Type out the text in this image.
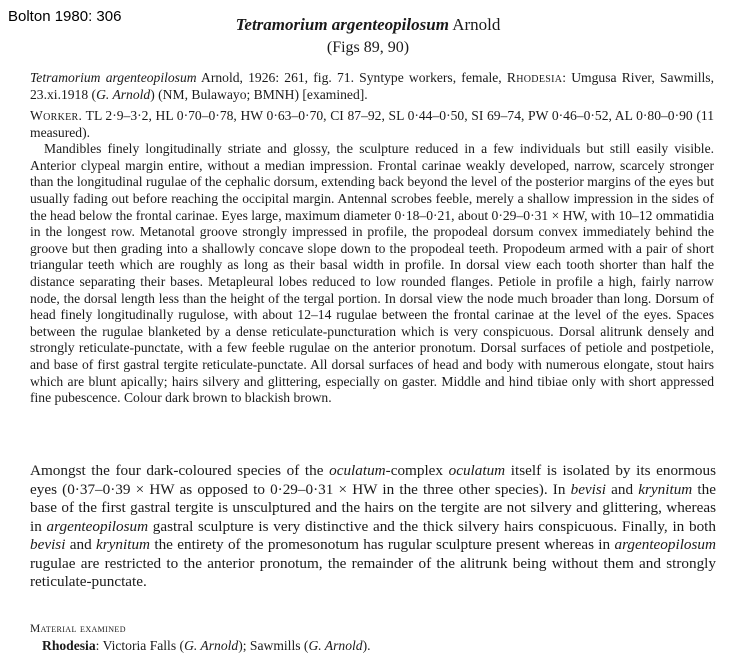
Bolton 1980: 306	Tetramorium argenteopilosum Arnold
(Figs 89, 90)

Tetramorium argenteopilosum Arnold, 1926: 261, fig. 71. Syntype workers, female, Rhodesia: Umgusa River, Sawmills, 23.xi.1918 (G. Arnold) (NM, Bulawayo; BMNH) [examined].

Worker. TL 2·9–3·2, HL 0·70–0·78, HW 0·63–0·70, CI 87–92, SL 0·44–0·50, SI 69–74, PW 0·46–0·52, AL 0·80–0·90 (11 measured).
Mandibles finely longitudinally striate and glossy, the sculpture reduced in a few individuals but still easily visible. Anterior clypeal margin entire, without a median impression. Frontal carinae weakly developed, narrow, scarcely stronger than the longitudinal rugulae of the cephalic dorsum, extending back beyond the level of the posterior margins of the eyes but usually fading out before reaching the occipital margin. Antennal scrobes feeble, merely a shallow impression in the sides of the head below the frontal carinae. Eyes large, maximum diameter 0·18–0·21, about 0·29–0·31 × HW, with 10–12 ommatidia in the longest row. Metanotal groove strongly impressed in profile, the propodeal dorsum convex immediately behind the groove but then grading into a shallowly concave slope down to the propodeal teeth. Propodeum armed with a pair of short triangular teeth which are roughly as long as their basal width in profile. In dorsal view each tooth shorter than half the distance separating their bases. Metapleural lobes reduced to low rounded flanges. Petiole in profile a high, fairly narrow node, the dorsal length less than the height of the tergal portion. In dorsal view the node much broader than long. Dorsum of head finely longitudinally rugulose, with about 12–14 rugulae between the frontal carinae at the level of the eyes. Spaces between the rugulae blanketed by a dense reticulate-puncturation which is very conspicuous. Dorsal alitrunk densely and strongly reticulate-punctate, with a few feeble rugulae on the anterior pronotum. Dorsal surfaces of petiole and postpetiole, and base of first gastral tergite reticulate-punctate. All dorsal surfaces of head and body with numerous elongate, stout hairs which are blunt apically; hairs silvery and glittering, especially on gaster. Middle and hind tibiae only with short appressed fine pubescence. Colour dark brown to blackish brown.

Amongst the four dark-coloured species of the oculatum-complex oculatum itself is isolated by its enormous eyes (0·37–0·39 × HW as opposed to 0·29–0·31 × HW in the three other species). In bevisi and krynitum the base of the first gastral tergite is unsculptured and the hairs on the tergite are not silvery and glittering, whereas in argenteopilosum gastral sculpture is very distinctive and the thick silvery hairs conspicuous. Finally, in both bevisi and krynitum the entirety of the promesonotum has rugular sculpture present whereas in argenteopilosum rugulae are restricted to the anterior pronotum, the remainder of the alitrunk being without them and strongly reticulate-punctate.

Material examined
Rhodesia: Victoria Falls (G. Arnold); Sawmills (G. Arnold).
